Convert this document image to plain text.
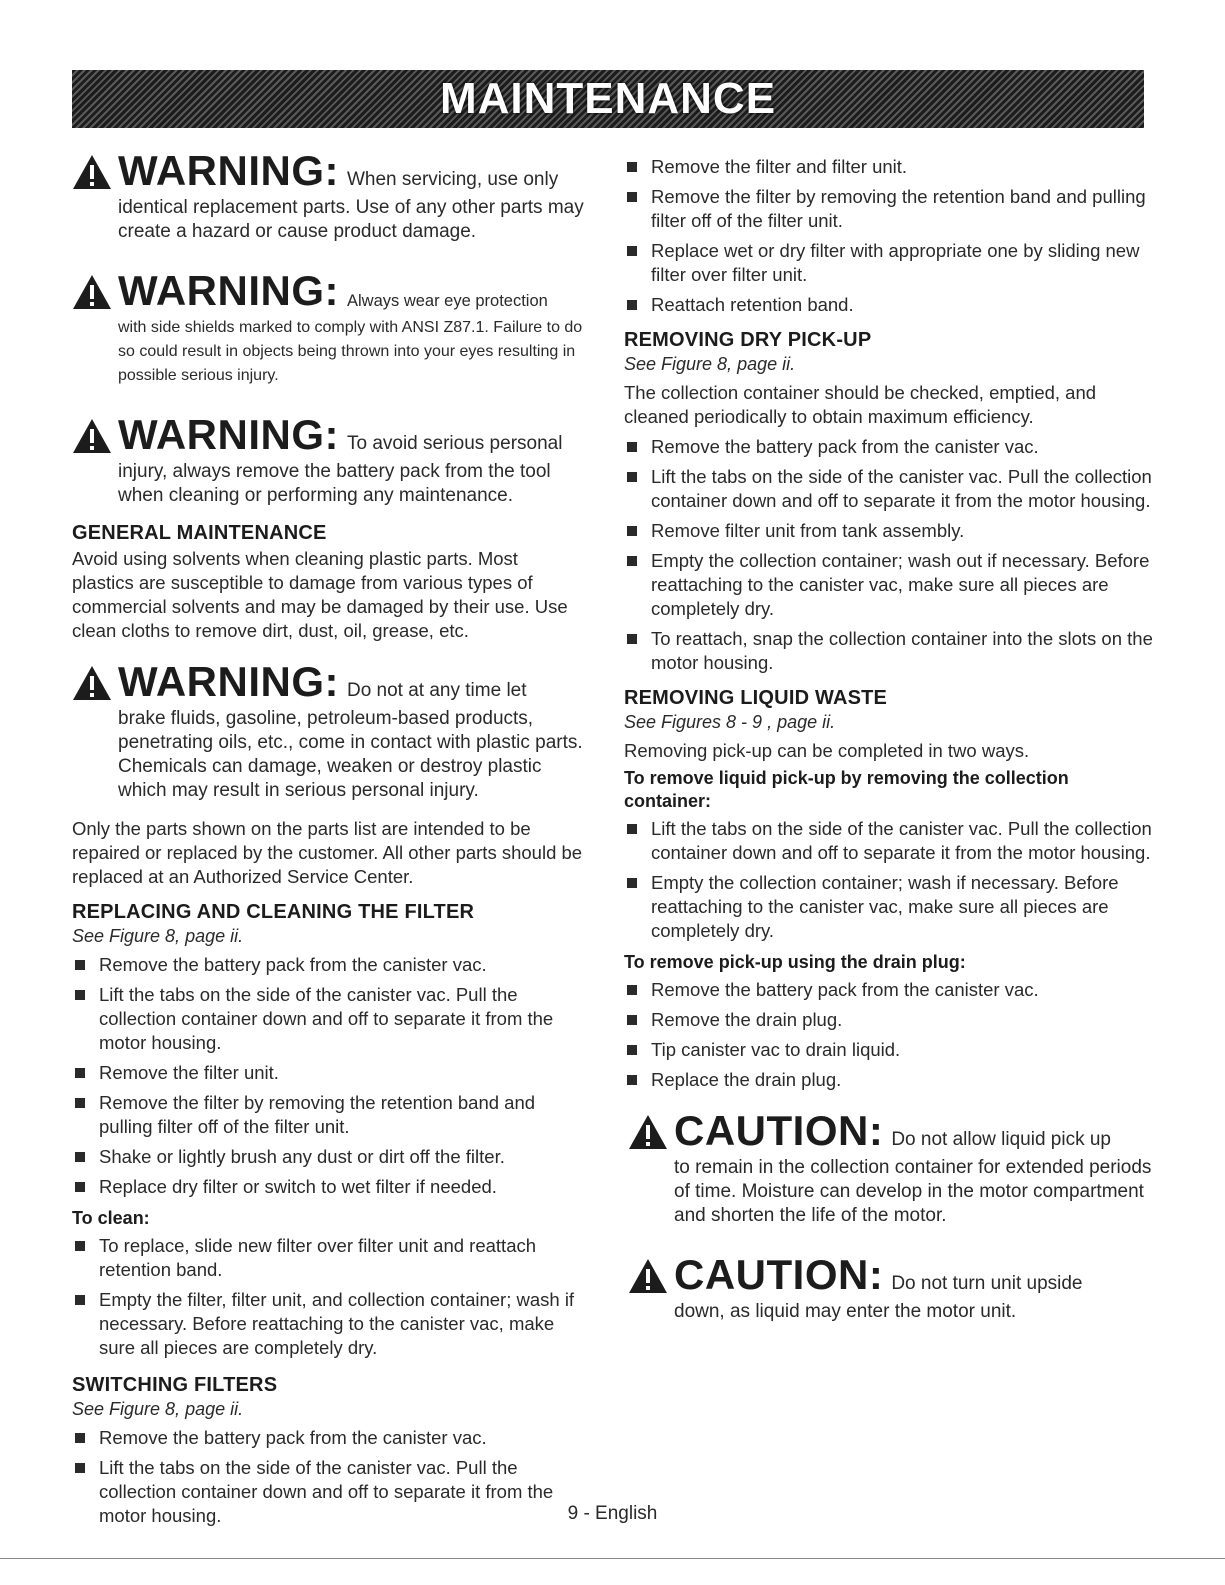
MAINTENANCE
WARNING: When servicing, use only
identical replacement parts. Use of any other parts may create a hazard or cause product damage.
WARNING: Always wear eye protection
with side shields marked to comply with ANSI Z87.1. Failure to do so could result in objects being thrown into your eyes resulting in possible serious injury.
WARNING: To avoid serious personal
injury, always remove the battery pack from the tool when cleaning or performing any maintenance.
GENERAL MAINTENANCE

Avoid using solvents when cleaning plastic parts. Most plastics are susceptible to damage from various types of commercial solvents and may be damaged by their use. Use clean cloths to remove dirt, dust, oil, grease, etc.

WARNING: Do not at any time let
brake fluids, gasoline, petroleum-based products, penetrating oils, etc., come in contact with plastic parts. Chemicals can damage, weaken or destroy plastic which may result in serious personal injury.

Only the parts shown on the parts list are intended to be repaired or replaced by the customer. All other parts should be replaced at an Authorized Service Center.

REPLACING AND CLEANING THE FILTER
See Figure 8, page ii.
Remove the battery pack from the canister vac.
Lift the tabs on the side of the canister vac. Pull the collection container down and off to separate it from the motor housing.
Remove the filter unit.
Remove the filter by removing the retention band and pulling filter off of the filter unit.
Shake or lightly brush any dust or dirt off the filter.
Replace dry filter or switch to wet filter if needed.
To clean:
To replace, slide new filter over filter unit and reattach retention band.
Empty the filter, filter unit, and collection container; wash if necessary. Before reattaching to the canister vac, make sure all pieces are completely dry.
SWITCHING FILTERS
See Figure 8, page ii.
Remove the battery pack from the canister vac.
Lift the tabs on the side of the canister vac. Pull the collection container down and off to separate it from the motor housing.
Remove the filter and filter unit.
Remove the filter by removing the retention band and pulling filter off of the filter unit.
Replace wet or dry filter with appropriate one by sliding new filter over filter unit.
Reattach retention band.
REMOVING DRY PICK-UP
See Figure 8, page ii.

The collection container should be checked, emptied, and cleaned periodically to obtain maximum efficiency.

Remove the battery pack from the canister vac.
Lift the tabs on the side of the canister vac. Pull the collection container down and off to separate it from the motor housing.
Remove filter unit from tank assembly.
Empty the collection container; wash out if necessary. Before reattaching to the canister vac, make sure all pieces are completely dry.
To reattach, snap the collection container into the slots on the motor housing.
REMOVING LIQUID WASTE
See Figures 8 - 9 , page ii.

Removing pick-up can be completed in two ways.

To remove liquid pick-up by removing the collection container:
Lift the tabs on the side of the canister vac. Pull the collection container down and off to separate it from the motor housing.
Empty the collection container; wash if necessary. Before reattaching to the canister vac, make sure all pieces are completely dry.
To remove pick-up using the drain plug:
Remove the battery pack from the canister vac.
Remove the drain plug.
Tip canister vac to drain liquid.
Replace the drain plug.
CAUTION: Do not allow liquid pick up
to remain in the collection container for extended periods of time. Moisture can develop in the motor compartment and shorten the life of the motor.
CAUTION: Do not turn unit upside
down, as liquid may enter the motor unit.
9 - English
